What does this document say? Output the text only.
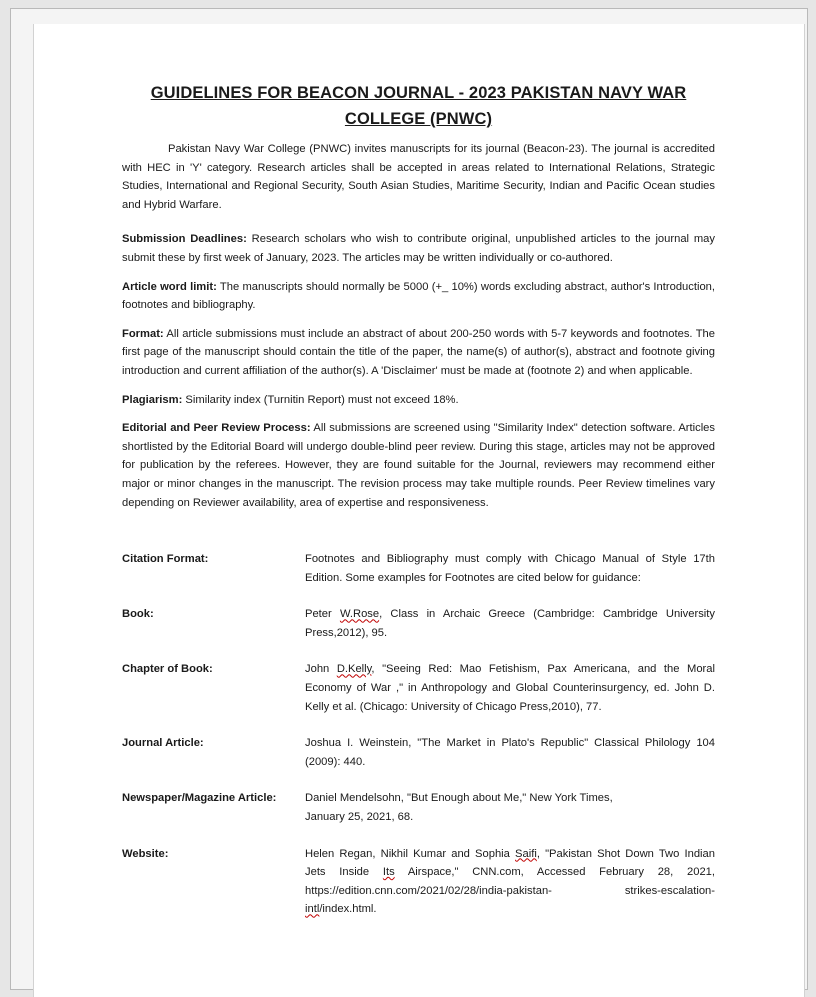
GUIDELINES FOR BEACON JOURNAL - 2023 PAKISTAN NAVY WAR COLLEGE (PNWC)

Pakistan Navy War College (PNWC) invites manuscripts for its journal (Beacon-23). The journal is accredited with HEC in 'Y' category. Research articles shall be accepted in areas related to International Relations, Strategic Studies, International and Regional Security, South Asian Studies, Maritime Security, Indian and Pacific Ocean studies and Hybrid Warfare.

Submission Deadlines: Research scholars who wish to contribute original, unpublished articles to the journal may submit these by first week of January, 2023. The articles may be written individually or co-authored.

Article word limit: The manuscripts should normally be 5000 (+_ 10%) words excluding abstract, author's Introduction, footnotes and bibliography.

Format: All article submissions must include an abstract of about 200-250 words with 5-7 keywords and footnotes. The first page of the manuscript should contain the title of the paper, the name(s) of author(s), abstract and footnote giving introduction and current affiliation of the author(s). A 'Disclaimer' must be made at (footnote 2) and when applicable.

Plagiarism: Similarity index (Turnitin Report) must not exceed 18%.

Editorial and Peer Review Process: All submissions are screened using "Similarity Index" detection software. Articles shortlisted by the Editorial Board will undergo double-blind peer review. During this stage, articles may not be approved for publication by the referees. However, they are found suitable for the Journal, reviewers may recommend either major or minor changes in the manuscript. The revision process may take multiple rounds. Peer Review timelines vary depending on Reviewer availability, area of expertise and responsiveness.

Citation Format:	Footnotes and Bibliography must comply with Chicago Manual of Style 17th Edition. Some examples for Footnotes are cited below for guidance:
Book:	Peter W.Rose, Class in Archaic Greece (Cambridge: Cambridge University Press,2012), 95.
Chapter of Book:	John D.Kelly, "Seeing Red: Mao Fetishism, Pax Americana, and the Moral Economy of War ," in Anthropology and Global Counterinsurgency, ed. John D. Kelly et al. (Chicago: University of Chicago Press,2010), 77.
Journal Article:	Joshua I. Weinstein, "The Market in Plato's Republic" Classical Philology 104 (2009): 440.
Newspaper/Magazine Article:	Daniel Mendelsohn, "But Enough about Me," New York Times,
January 25, 2021, 68.
Website:	Helen Regan, Nikhil Kumar and Sophia Saifi, "Pakistan Shot Down Two Indian Jets Inside Its Airspace," CNN.com, Accessed February 28, 2021, https://edition.cnn.com/2021/02/28/india-pakistan- strikes-escalation-intl/index.html.
